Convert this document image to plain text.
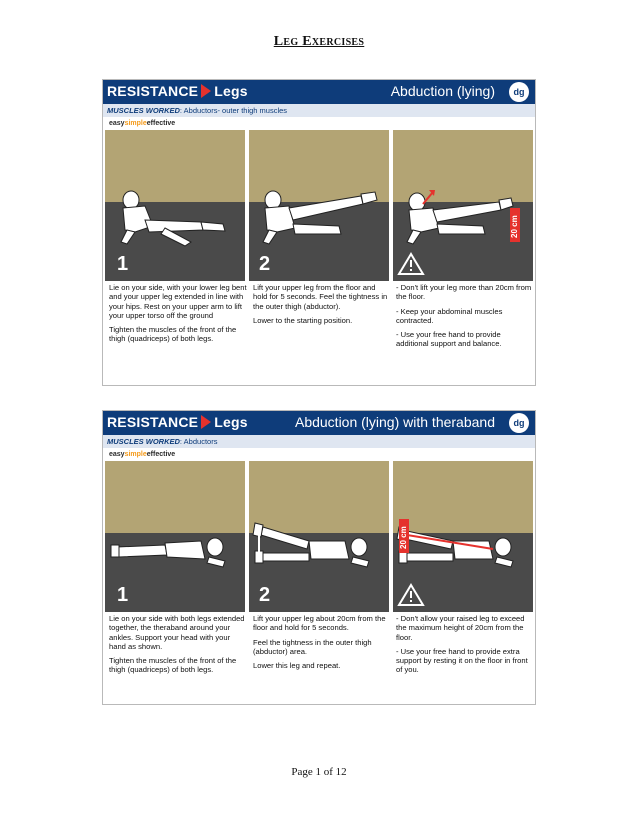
Leg Exercises
RESISTANCE Legs	Abduction (lying)	dg
MUSCLES WORKED: Abductors- outer thigh muscles
easysimpleeffective
1	2
20 cm

Lie on your side, with your lower leg bent and your upper leg extended in line with your hips. Rest on your upper arm to lift your upper torso off the ground

Tighten the muscles of the front of the thigh (quadriceps) of both legs.

Lift your upper leg from the floor and hold for 5 seconds. Feel the tightness in the outer thigh (abductor).

Lower to the starting position.

- Don't lift your leg more than 20cm from the floor.

- Keep your abdominal muscles contracted.

- Use your free hand to provide additional support and balance.

RESISTANCE Legs	Abduction (lying) with theraband	dg
MUSCLES WORKED: Abductors
easysimpleeffective
1	2
20 cm

Lie on your side with both legs extended together, the theraband around your ankles. Support your head with your hand as shown.

Tighten the muscles of the front of the thigh (quadriceps) of both legs.

Lift your upper leg about 20cm from the floor and hold for 5 seconds.

Feel the tightness in the outer thigh (abductor) area.

Lower this leg and repeat.

- Don't allow your raised leg to exceed the maximum height of 20cm from the floor.

- Use your free hand to provide extra support by resting it on the floor in front of you.

Page 1 of 12
